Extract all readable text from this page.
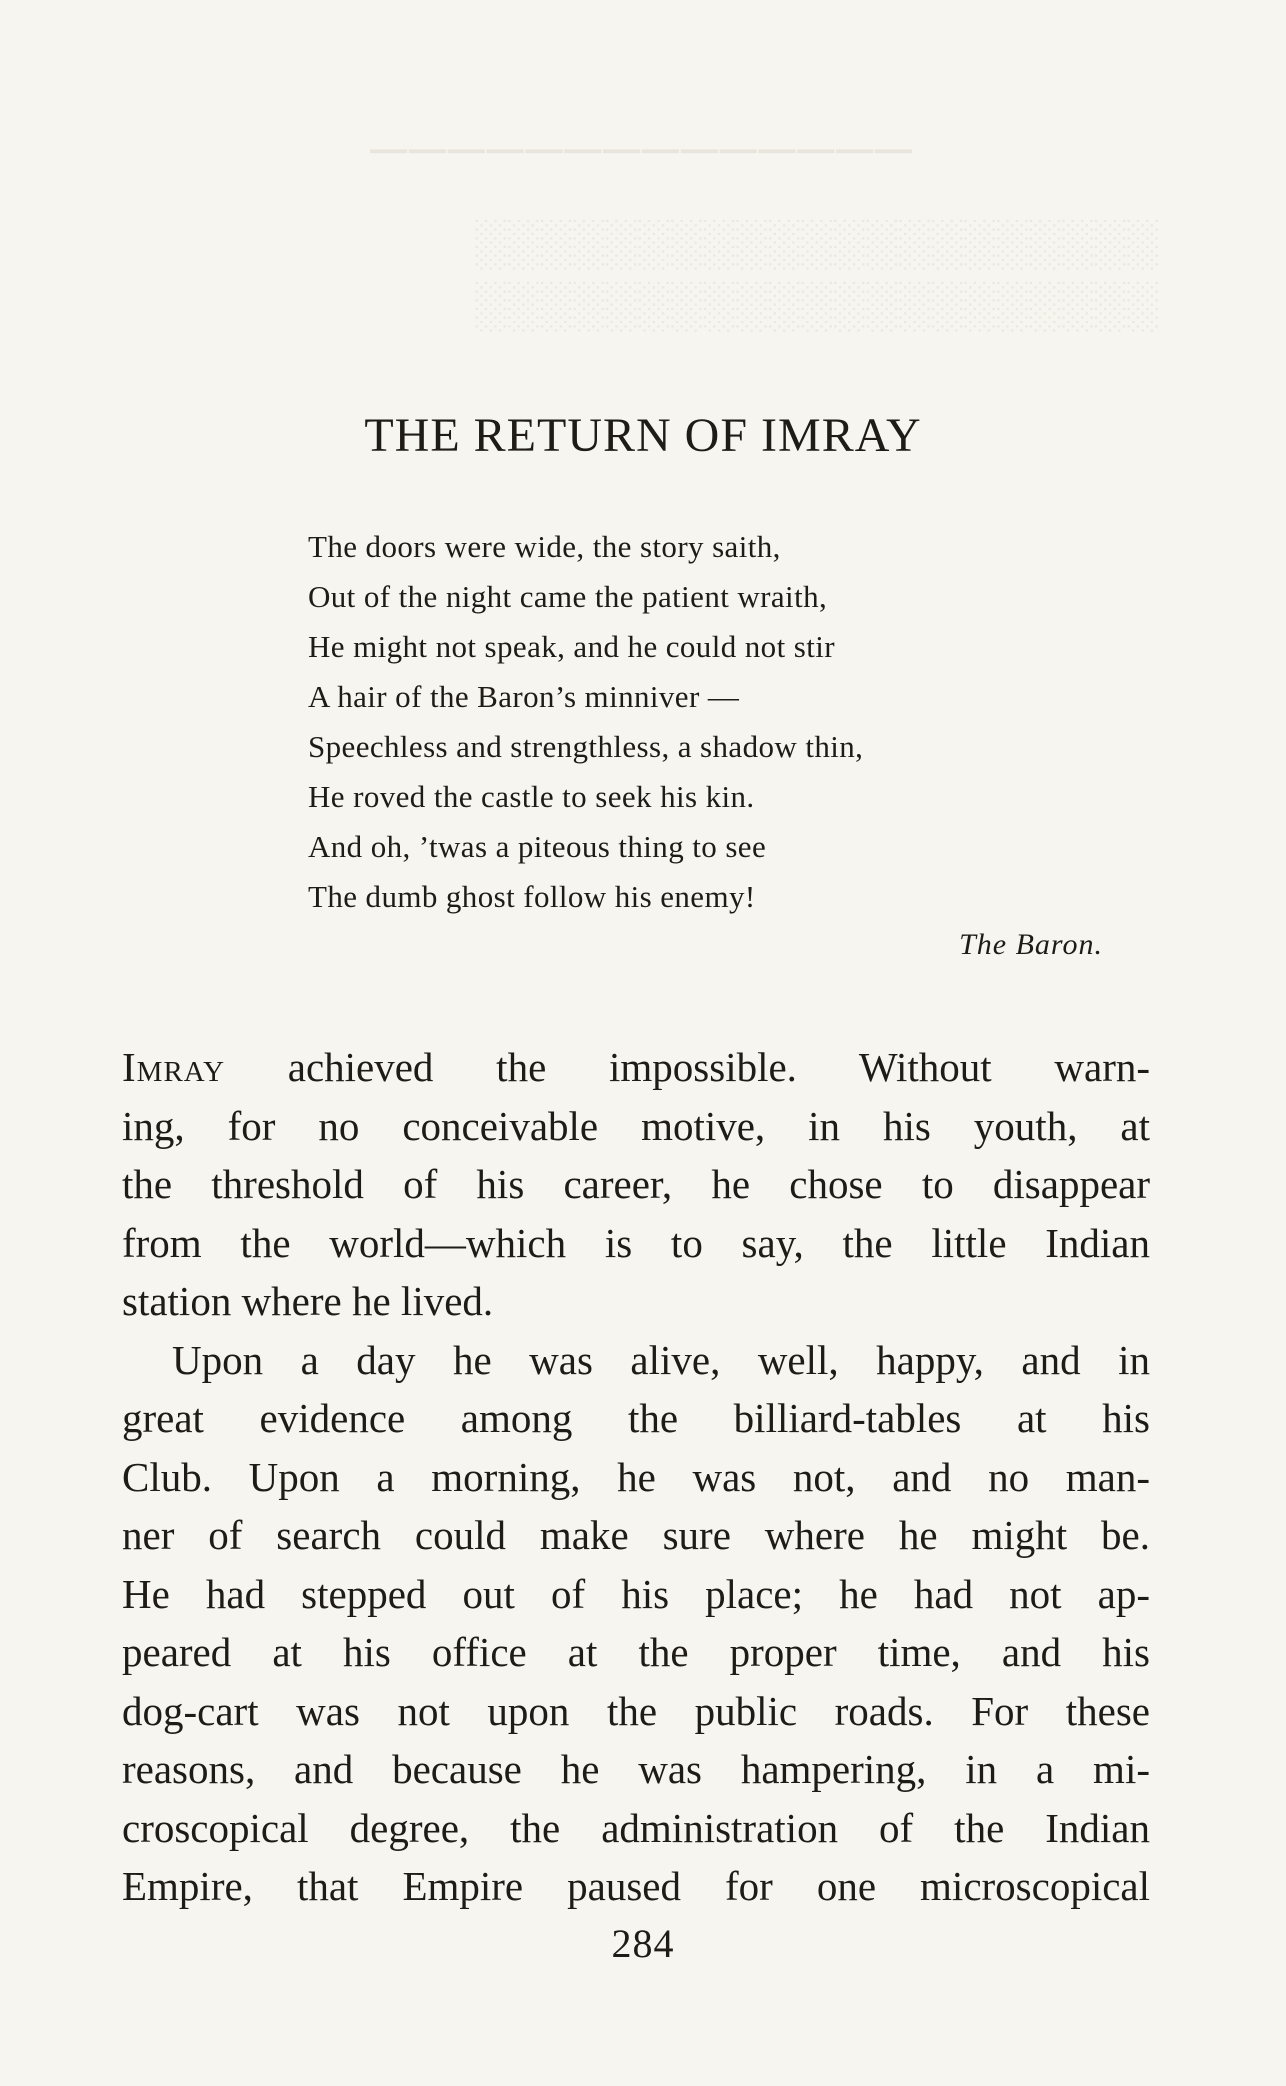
──────────────
░░░░░░░░░░░░░░░░░░░░░
░░░░░░░░░░░░░░░░░░░░░
THE RETURN OF IMRAY
The doors were wide, the story saith,
Out of the night came the patient wraith,
He might not speak, and he could not stir
A hair of the Baron’s minniver —
Speechless and strengthless, a shadow thin,
He roved the castle to seek his kin.
And oh, ’twas a piteous thing to see
The dumb ghost follow his enemy!
The Baron.
Imray achieved the impossible. Without warn-
ing, for no conceivable motive, in his youth, at
the threshold of his career, he chose to disappear
from the world—which is to say, the little Indian
station where he lived.
Upon a day he was alive, well, happy, and in
great evidence among the billiard-tables at his
Club. Upon a morning, he was not, and no man-
ner of search could make sure where he might be.
He had stepped out of his place; he had not ap-
peared at his office at the proper time, and his
dog-cart was not upon the public roads. For these
reasons, and because he was hampering, in a mi-
croscopical degree, the administration of the Indian
Empire, that Empire paused for one microscopical
284
